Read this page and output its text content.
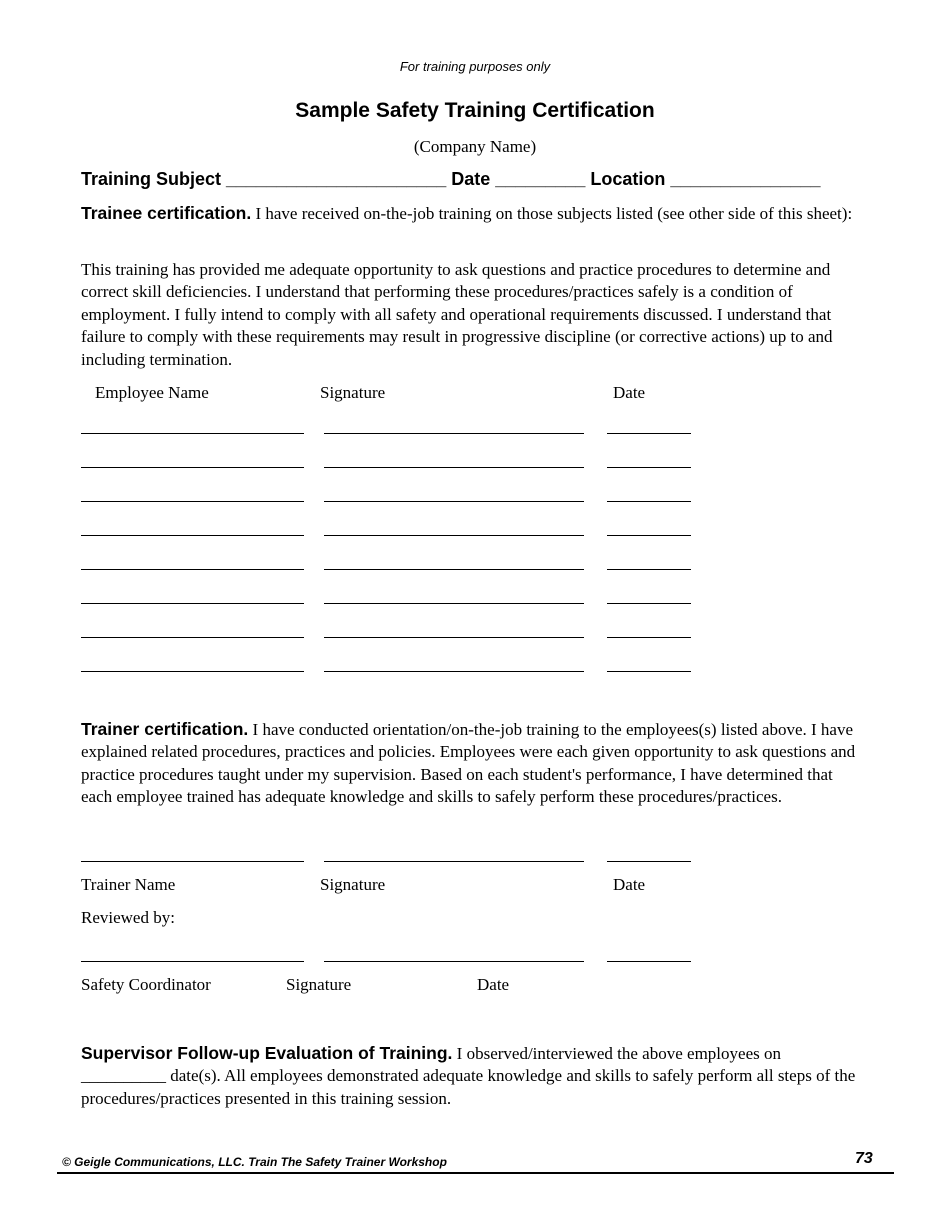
For training purposes only
Sample Safety Training Certification
(Company Name)
Training Subject ______________________ Date _________ Location _______________
Trainee certification. I have received on-the-job training on those subjects listed (see other side of this sheet):
This training has provided me adequate opportunity to ask questions and practice procedures to determine and correct skill deficiencies. I understand that performing these procedures/practices safely is a condition of employment. I fully intend to comply with all safety and operational requirements discussed. I understand that failure to comply with these requirements may result in progressive discipline (or corrective actions) up to and including termination.
Employee Name	Signature	Date
Trainer certification. I have conducted orientation/on-the-job training to the employees(s) listed above. I have explained related procedures, practices and policies. Employees were each given opportunity to ask questions and practice procedures taught under my supervision. Based on each student's performance, I have determined that each employee trained has adequate knowledge and skills to safely perform these procedures/practices.
Trainer Name	Signature	Date
Reviewed by:
Safety Coordinator	Signature	Date
Supervisor Follow-up Evaluation of Training. I observed/interviewed the above employees on __________ date(s). All employees demonstrated adequate knowledge and skills to safely perform all steps of the procedures/practices presented in this training session.
© Geigle Communications, LLC. Train The Safety Trainer Workshop	73
